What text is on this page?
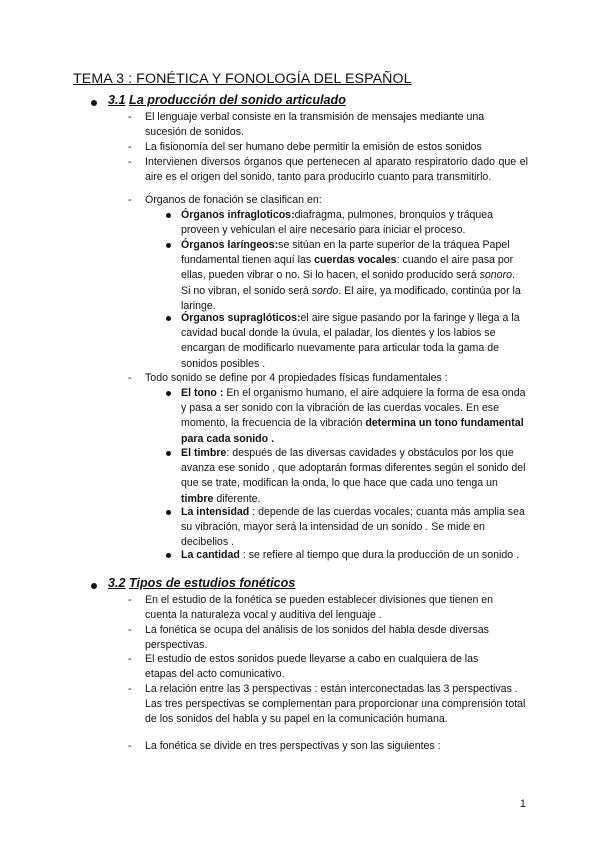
TEMA 3 : FONÉTICA Y FONOLOGÍA DEL ESPAÑOL
3.1 La producción del sonido articulado
- El lenguaje verbal consiste en la transmisión de mensajes mediante una sucesión de sonidos.
- La fisionomía del ser humano debe permitir la emisión de estos sonidos
- Intervienen diversos órganos que pertenecen al aparato respiratorio dado que el aire es el origen del sonido, tanto para producirlo cuanto para transmitirlo.
- Órganos de fonación se clasifican en:
Órganos infragloticos:diafragma, pulmones, bronquios y tráquea proveen y vehiculan el aire necesario para iniciar el proceso.
Órganos laríngeos:se sitúan en la parte superior de la tráquea Papel fundamental tienen aquí las cuerdas vocales: cuando el aire pasa por ellas, pueden vibrar o no. Si lo hacen, el sonido producido será sonoro. Si no vibran, el sonido será sordo. El aire, ya modificado, continúa por la laringe.
Órganos supraglóticos:el aire sigue pasando por la faringe y llega a la cavidad bucal donde la úvula, el paladar, los dientes y los labios se encargan de modificarlo nuevamente para articular toda la gama de sonidos posibles .
- Todo sonido se define por 4 propiedades físicas fundamentales :
El tono : En el organismo humano, el aire adquiere la forma de esa onda y pasa a ser sonido con la vibración de las cuerdas vocales. En ese momento, la frecuencia de la vibración determina un tono fundamental para cada sonido .
El timbre: después de las diversas cavidades y obstáculos por los que avanza ese sonido , que adoptarán formas diferentes según el sonido del que se trate, modifican la onda, lo que hace que cada uno tenga un timbre diferente.
La intensidad : depende de las cuerdas vocales; cuanta más amplia sea su vibración, mayor será la intensidad de un sonido . Se mide en decibelios .
La cantidad : se refiere al tiempo que dura la producción de un sonido .
3.2 Tipos de estudios fonéticos
- En el estudio de la fonética se pueden establecer divisiones que tienen en cuenta la naturaleza vocal y auditiva del lenguaje .
- La fonética se ocupa del análisis de los sonidos del habla desde diversas perspectivas.
- El estudio de estos sonidos puede llevarse a cabo en cualquiera de las etapas del acto comunicativo.
- La relación entre las 3 perspectivas : están interconectadas las 3 perspectivas . Las tres perspectivas se complementan para proporcionar una comprensión total de los sonidos del habla y su papel en la comunicación humana.
- La fonética se divide en tres perspectivas y son las siguientes :
1
